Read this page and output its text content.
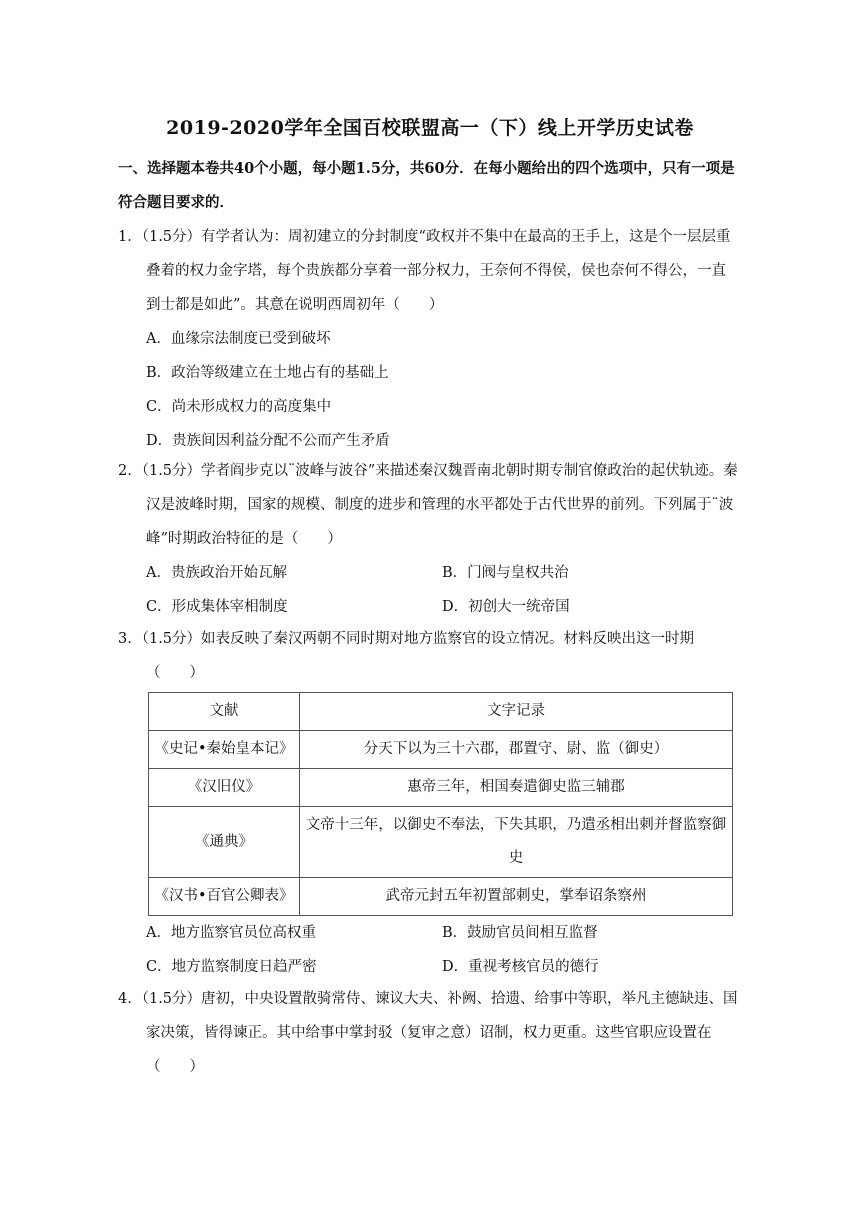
2019-2020学年全国百校联盟高一（下）线上开学历史试卷
一、选择题本卷共40个小题，每小题1.5分，共60分．在每小题给出的四个选项中，只有一项是符合题目要求的．
1．（1.5分）有学者认为：周初建立的分封制度“政权并不集中在最高的王手上，这是个一层层重叠着的权力金字塔，每个贵族都分享着一部分权力，王奈何不得侯，侯也奈何不得公，一直到士都是如此”。其意在说明西周初年（　　）
A．血缘宗法制度已受到破坏
B．政治等级建立在土地占有的基础上
C．尚未形成权力的高度集中
D．贵族间因利益分配不公而产生矛盾
2．（1.5分）学者阎步克以¨波峰与波谷”来描述秦汉魏晋南北朝时期专制官僚政治的起伏轨迹。秦汉是波峰时期，国家的规模、制度的进步和管理的水平都处于古代世界的前列。下列属于¨波峰”时期政治特征的是（　　）
A．贵族政治开始瓦解	B．门阀与皇权共治
C．形成集体宰相制度	D．初创大一统帝国
3．（1.5分）如表反映了秦汉两朝不同时期对地方监察官的设立情况。材料反映出这一时期（　　）
文献	文字记录
《史记•秦始皇本记》	分天下以为三十六郡，郡置守、尉、监（御史）
《汉旧仪》	惠帝三年，相国奏遣御史监三辅郡
《通典》	文帝十三年，以御史不奉法，下失其职，乃遣丞相出刺并督监察御史
《汉书•百官公卿表》	武帝元封五年初置部刺史，掌奉诏条察州
A．地方监察官员位高权重	B．鼓励官员间相互监督
C．地方监察制度日趋严密	D．重视考核官员的德行
4．（1.5分）唐初，中央设置散骑常侍、谏议大夫、补阙、拾遗、给事中等职，举凡主德缺违、国家决策，皆得谏正。其中给事中掌封驳（复审之意）诏制，权力更重。这些官职应设置在（　　）
